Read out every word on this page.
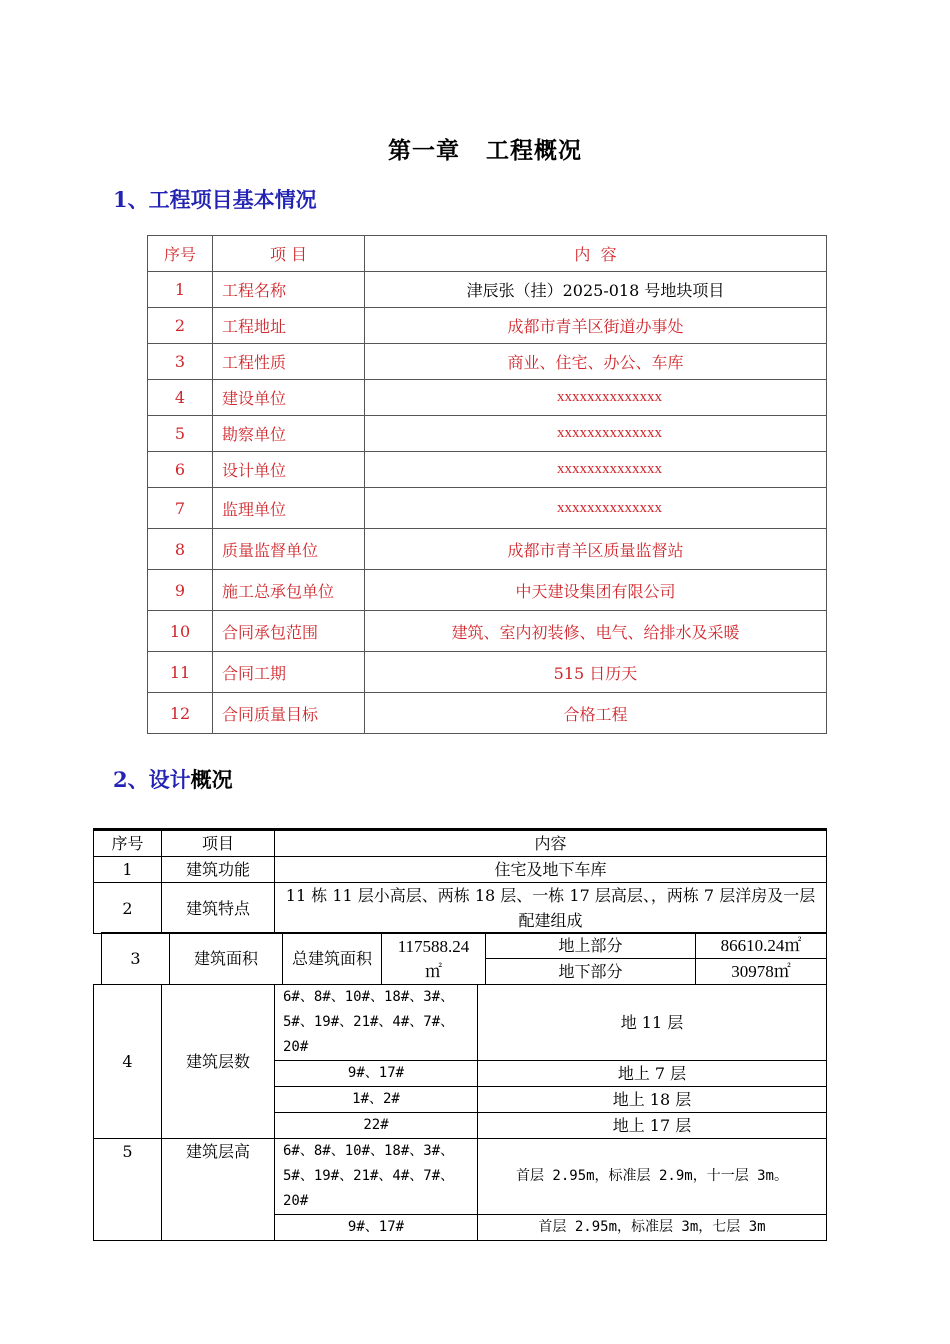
第一章 工程概况
1、工程项目基本情况
序号	项 目	内  容
1	工程名称	津辰张（挂）2025-018 号地块项目
2	工程地址	成都市青羊区街道办事处
3	工程性质	商业、住宅、办公、车库
4	建设单位	xxxxxxxxxxxxxx
5	勘察单位	xxxxxxxxxxxxxx
6	设计单位	xxxxxxxxxxxxxx
7	监理单位	xxxxxxxxxxxxxx
8	质量监督单位	成都市青羊区质量监督站
9	施工总承包单位	中天建设集团有限公司
10	合同承包范围	建筑、室内初装修、电气、给排水及采暖
11	合同工期	515 日历天
12	合同质量目标	合格工程
2、设计概况
序号	项目	内容
1	建筑功能	住宅及地下车库
2	建筑特点	11 栋 11 层小高层、两栋 18 层、一栋 17 层高层、，两栋 7 层洋房及一层配建组成
3	建筑面积	总建筑面积	117588.24㎡	地上部分	86610.24㎡
				地下部分	30978㎡
4	建筑层数	6#、8#、10#、18#、3#、5#、19#、21#、4#、7#、20#	地 11 层
		9#、17#	地上 7 层
		1#、2#	地上 18 层
		22#	地上 17 层
5	建筑层高	6#、8#、10#、18#、3#、5#、19#、21#、4#、7#、20#	首层 2.95m，标准层 2.9m，十一层 3m。
		9#、17#	首层 2.95m，标准层 3m，七层 3m
